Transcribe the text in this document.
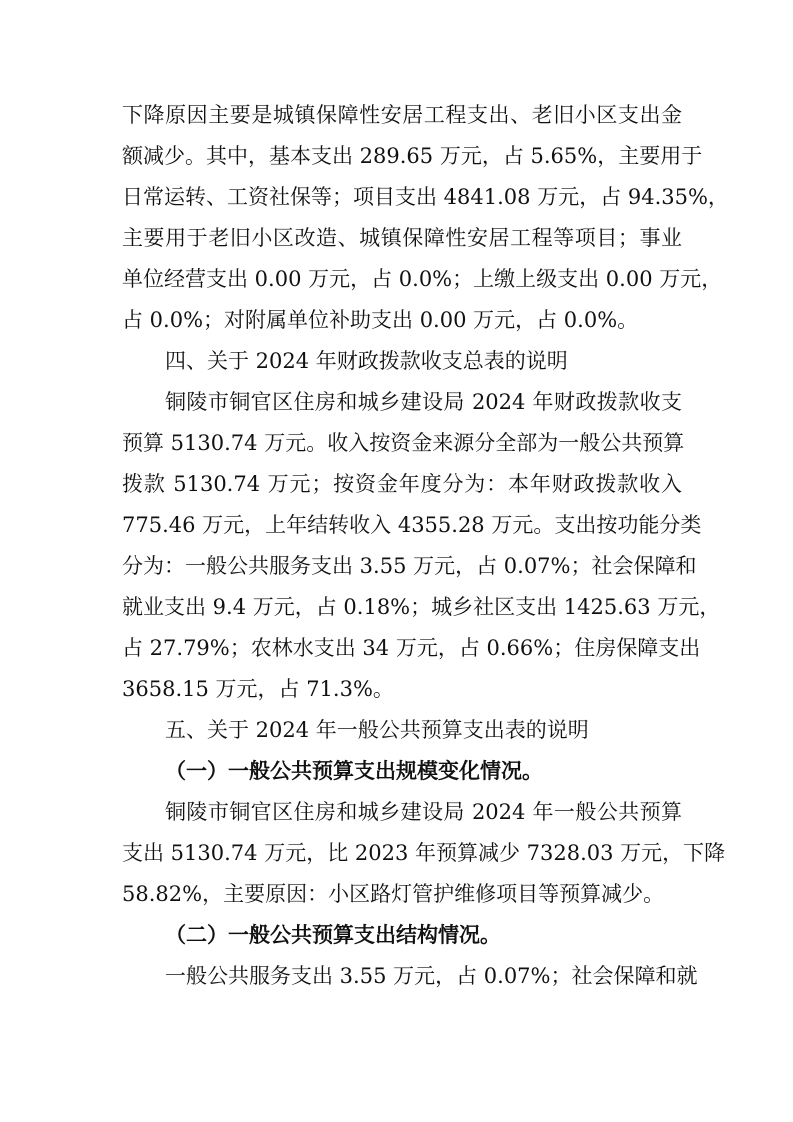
下降原因主要是城镇保障性安居工程支出、老旧小区支出金
额减少。其中，基本支出 289.65 万元，占 5.65%，主要用于
日常运转、工资社保等；项目支出 4841.08 万元，占 94.35%，
主要用于老旧小区改造、城镇保障性安居工程等项目；事业
单位经营支出 0.00 万元，占 0.0%；上缴上级支出 0.00 万元，
占 0.0%；对附属单位补助支出 0.00 万元，占 0.0%。
四、关于 2024 年财政拨款收支总表的说明
铜陵市铜官区住房和城乡建设局 2024 年财政拨款收支
预算 5130.74 万元。收入按资金来源分全部为一般公共预算
拨款 5130.74 万元；按资金年度分为：本年财政拨款收入
775.46 万元，上年结转收入 4355.28 万元。支出按功能分类
分为：一般公共服务支出 3.55 万元，占 0.07%；社会保障和
就业支出 9.4 万元，占 0.18%；城乡社区支出 1425.63 万元，
占 27.79%；农林水支出 34 万元，占 0.66%；住房保障支出
3658.15 万元，占 71.3%。
五、关于 2024 年一般公共预算支出表的说明
（一）一般公共预算支出规模变化情况。
铜陵市铜官区住房和城乡建设局 2024 年一般公共预算
支出 5130.74 万元，比 2023 年预算减少 7328.03 万元，下降
58.82%，主要原因：小区路灯管护维修项目等预算减少。
（二）一般公共预算支出结构情况。
一般公共服务支出 3.55 万元，占 0.07%；社会保障和就
